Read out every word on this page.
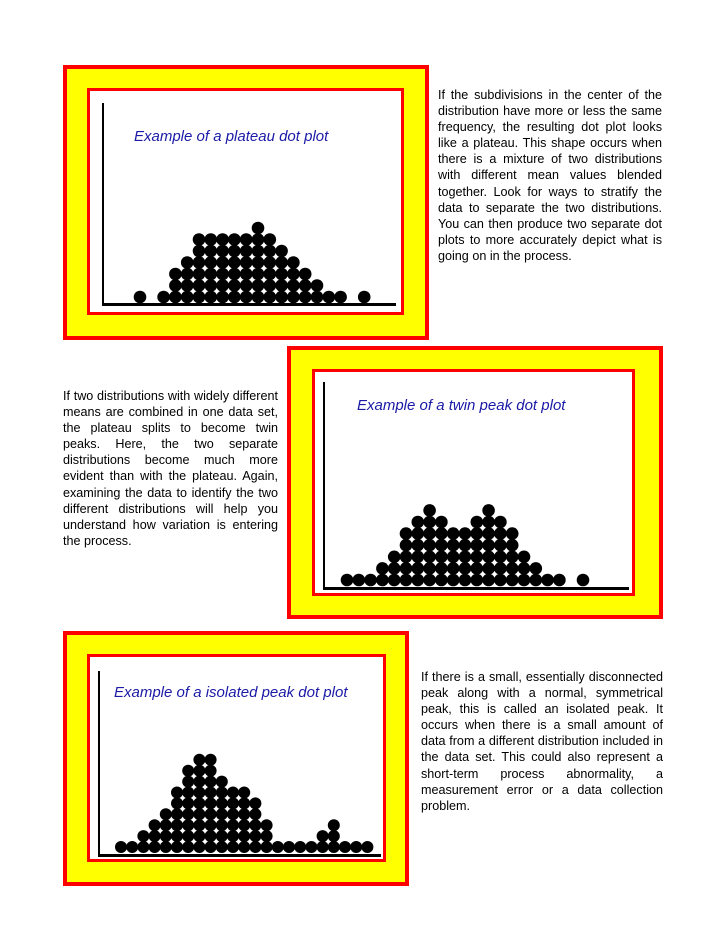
Example of a plateau dot plot
If the subdivisions in the center of the distribution have more or less the same frequency, the resulting dot plot looks like a plateau. This shape occurs when there is a mixture of two distributions with different mean values blended together. Look for ways to stratify the data to separate the two distributions. You can then produce two separate dot plots to more accurately depict what is going on in the process.
Example of a twin peak dot plot
If two distributions with widely different means are combined in one data set, the plateau splits to become twin peaks. Here, the two separate distributions become much more evident than with the plateau. Again, examining the data to identify the two different distributions will help you understand how variation is entering the process.
Example of a isolated peak dot plot
If there is a small, essentially disconnected peak along with a normal, symmetrical peak, this is called an isolated peak. It occurs when there is a small amount of data from a different distribution included in the data set. This could also represent a short-term process abnormality, a measurement error or a data collection problem.
